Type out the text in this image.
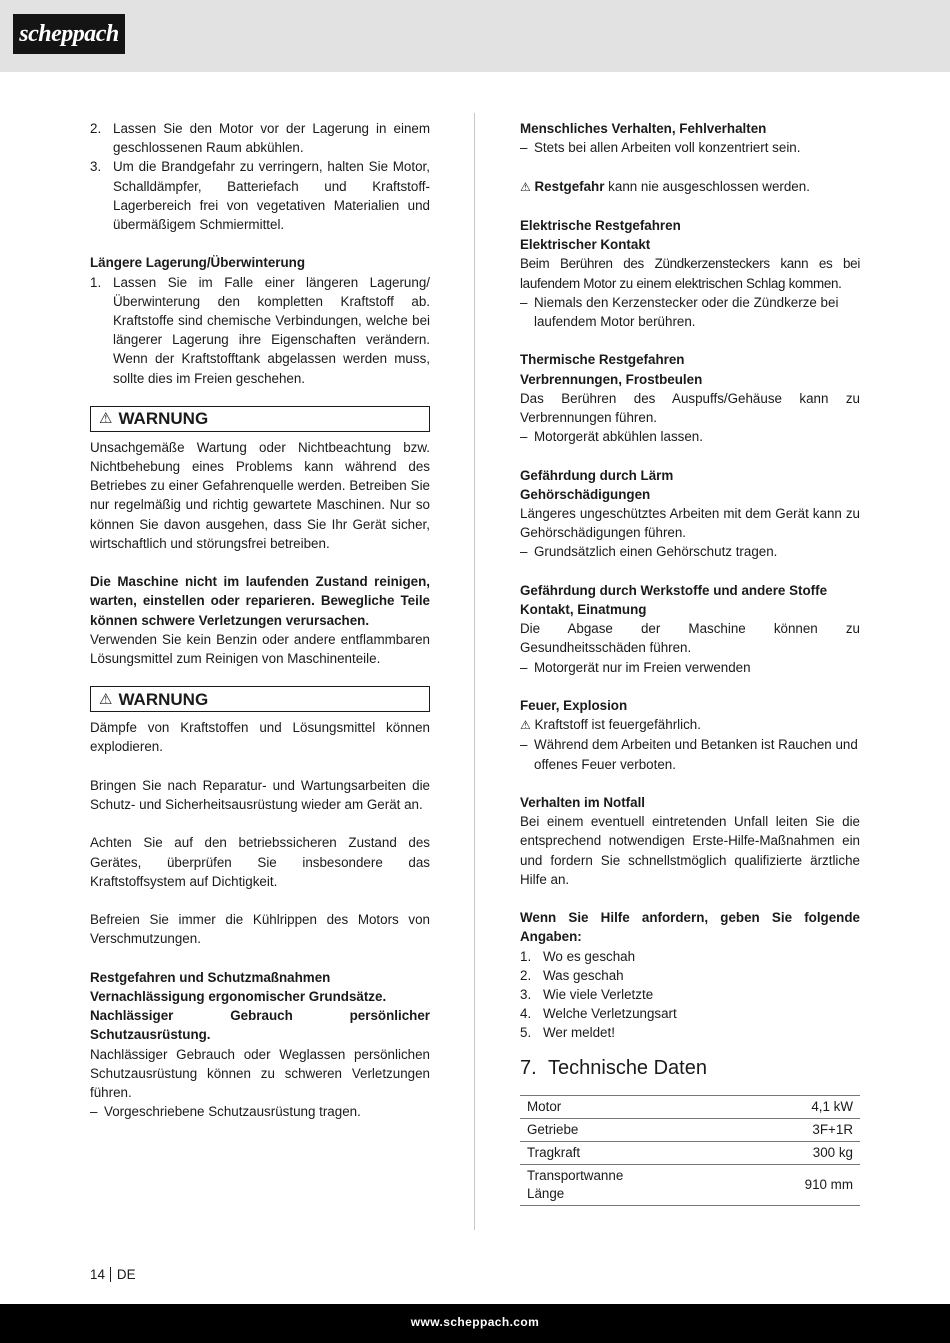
scheppach
2. Lassen Sie den Motor vor der Lagerung in einem geschlossenen Raum abkühlen.
3. Um die Brandgefahr zu verringern, halten Sie Motor, Schalldämpfer, Batteriefach und Kraftstoff-Lagerbereich frei von vegetativen Materialien und übermäßigem Schmiermittel.
Längere Lagerung/Überwinterung
1. Lassen Sie im Falle einer längeren Lagerung/ Überwinterung den kompletten Kraftstoff ab. Kraftstoffe sind chemische Verbindungen, welche bei längerer Lagerung ihre Eigenschaften verändern. Wenn der Kraftstofftank abgelassen werden muss, sollte dies im Freien geschehen.
⚠ WARNUNG

Unsachgemäße Wartung oder Nichtbeachtung bzw. Nichtbehebung eines Problems kann während des Betriebes zu einer Gefahrenquelle werden. Betreiben Sie nur regelmäßig und richtig gewartete Maschinen. Nur so können Sie davon ausgehen, dass Sie Ihr Gerät sicher, wirtschaftlich und störungsfrei betreiben.

Die Maschine nicht im laufenden Zustand reinigen, warten, einstellen oder reparieren. Bewegliche Teile können schwere Verletzungen verursachen.

Verwenden Sie kein Benzin oder andere entflammbaren Lösungsmittel zum Reinigen von Maschinenteile.

⚠ WARNUNG

Dämpfe von Kraftstoffen und Lösungsmittel können explodieren.

Bringen Sie nach Reparatur- und Wartungsarbeiten die Schutz- und Sicherheitsausrüstung wieder am Gerät an.

Achten Sie auf den betriebssicheren Zustand des Gerätes, überprüfen Sie insbesondere das Kraftstoffsystem auf Dichtigkeit.

Befreien Sie immer die Kühlrippen des Motors von Verschmutzungen.

Restgefahren und Schutzmaßnahmen
Vernachlässigung ergonomischer Grundsätze.

Nachlässiger Gebrauch persönlicher Schutzausrüstung.

Nachlässiger Gebrauch oder Weglassen persönlichen Schutzausrüstung können zu schweren Verletzungen führen.

– Vorgeschriebene Schutzausrüstung tragen.
Menschliches Verhalten, Fehlverhalten
– Stets bei allen Arbeiten voll konzentriert sein.
⚠ Restgefahr kann nie ausgeschlossen werden.
Elektrische Restgefahren
Elektrischer Kontakt

Beim Berühren des Zündkerzensteckers kann es bei laufendem Motor zu einem elektrischen Schlag kommen.

– Niemals den Kerzenstecker oder die Zündkerze bei laufendem Motor berühren.
Thermische Restgefahren
Verbrennungen, Frostbeulen

Das Berühren des Auspuffs/Gehäuse kann zu Verbrennungen führen.

– Motorgerät abkühlen lassen.
Gefährdung durch Lärm
Gehörschädigungen

Längeres ungeschütztes Arbeiten mit dem Gerät kann zu Gehörschädigungen führen.

– Grundsätzlich einen Gehörschutz tragen.
Gefährdung durch Werkstoffe und andere Stoffe
Kontakt, Einatmung

Die Abgase der Maschine können zu Gesundheitsschäden führen.

– Motorgerät nur im Freien verwenden
Feuer, Explosion
⚠ Kraftstoff ist feuergefährlich.
– Während dem Arbeiten und Betanken ist Rauchen und offenes Feuer verboten.
Verhalten im Notfall

Bei einem eventuell eintretenden Unfall leiten Sie die entsprechend notwendigen Erste-Hilfe-Maßnahmen ein und fordern Sie schnellstmöglich qualifizierte ärztliche Hilfe an.

Wenn Sie Hilfe anfordern, geben Sie folgende Angaben:

1. Wo es geschah
2. Was geschah
3. Wie viele Verletzte
4. Welche Verletzungsart
5. Wer meldet!
7. Technische Daten
Motor	4,1 kW
Getriebe	3F+1R
Tragkraft	300 kg
Transportwanne
Länge	910 mm
14 DE
www.scheppach.com
